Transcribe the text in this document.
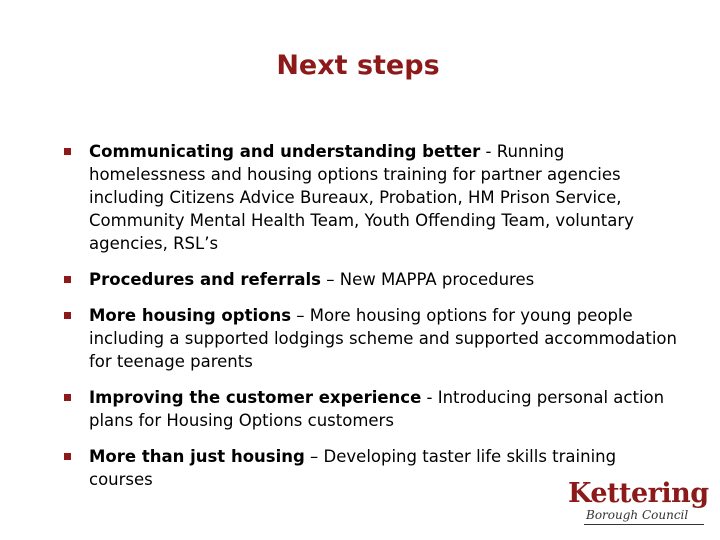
Next steps
Communicating and understanding better - Running homelessness and housing options training for partner agencies including Citizens Advice Bureaux, Probation, HM Prison Service, Community Mental Health Team, Youth Offending Team, voluntary agencies, RSL’s
Procedures and referrals – New MAPPA procedures
More housing options – More housing options for young people including a supported lodgings scheme and supported accommodation for teenage parents
Improving the customer experience - Introducing personal action plans for Housing Options customers
More than just housing – Developing taster life skills training courses	Kettering
Borough Council
